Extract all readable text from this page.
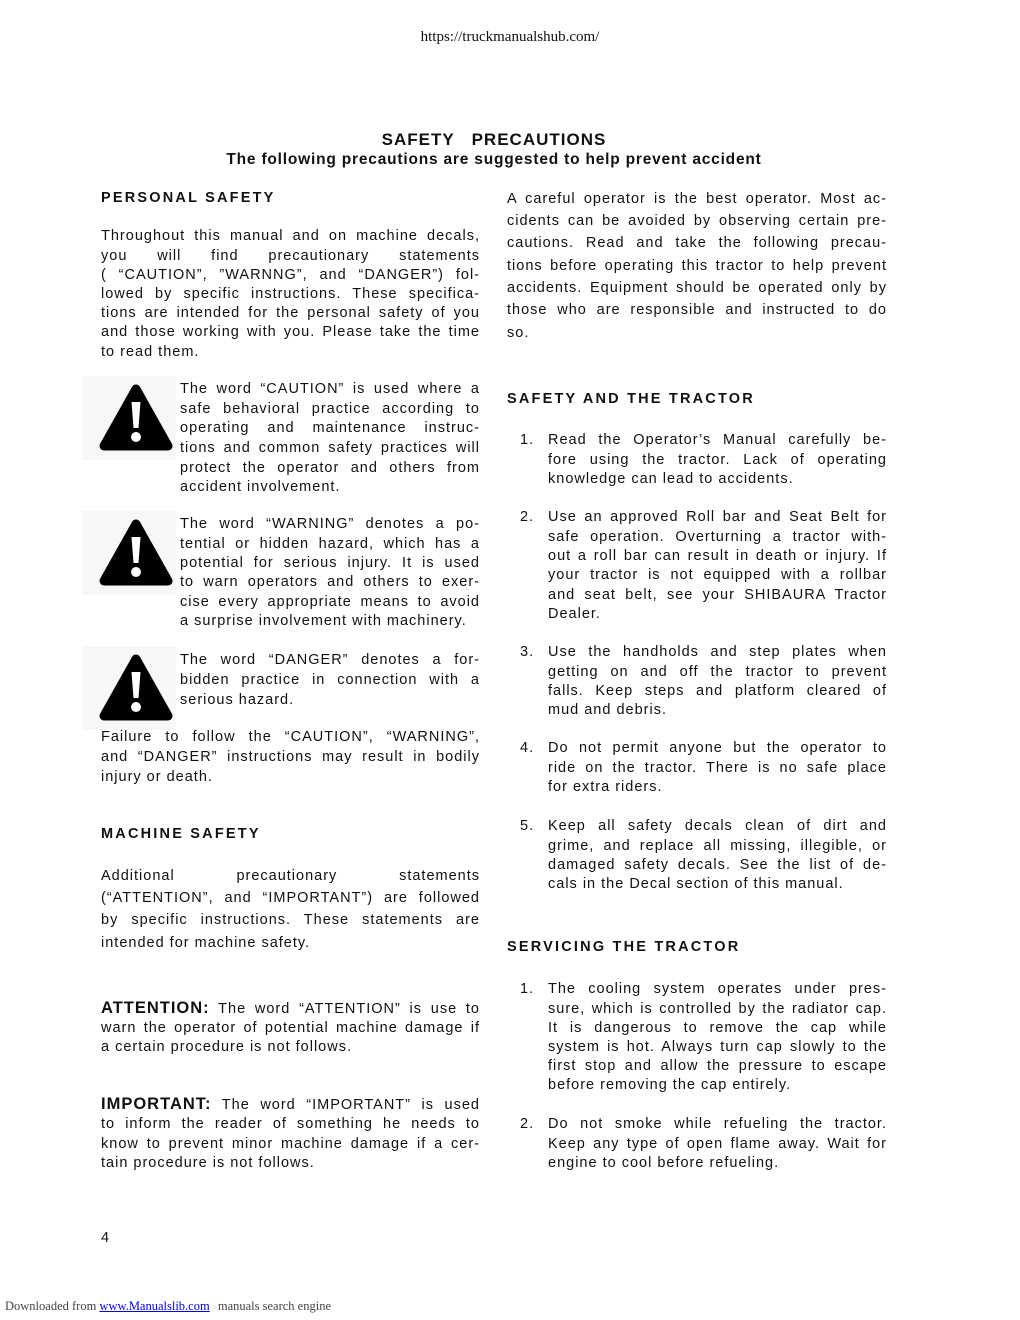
https://truckmanualshub.com/
SAFETY   PRECAUTIONS
The following precautions are suggested to help prevent accident
PERSONAL SAFETY
Throughout this manual and on machine decals,
you will find precautionary statements
( “CAUTION”, ”WARNNG”, and “DANGER”) fol-
lowed by specific instructions. These specifica-
tions are intended for the personal safety of you
and those working with you. Please take the time
to read them.
The word “CAUTION” is used where a
safe behavioral practice according to
operating and maintenance instruc-
tions and common safety practices will
protect the operator and others from
accident involvement.
The word “WARNING” denotes a po-
tential or hidden hazard, which has a
potential for serious injury. It is used
to warn operators and others to exer-
cise every appropriate means to avoid
a surprise involvement with machinery.
The word “DANGER” denotes a for-
bidden practice in connection with a
serious hazard.
Failure to follow the “CAUTION”, “WARNING”,
and “DANGER” instructions may result in bodily
injury or death.
MACHINE SAFETY
Additional precautionary statements
(“ATTENTION”, and “IMPORTANT”) are followed
by specific instructions. These statements are
intended for machine safety.
ATTENTION: The word “ATTENTION” is use to
warn the operator of potential machine damage if
a certain procedure is not follows.
IMPORTANT: The word “IMPORTANT” is used
to inform the reader of something he needs to
know to prevent minor machine damage if a cer-
tain procedure is not follows.
A careful operator is the best operator. Most ac-
cidents can be avoided by observing certain pre-
cautions. Read and take the following precau-
tions before operating this tractor to help prevent
accidents. Equipment should be operated only by
those who are responsible and instructed to do
so.
SAFETY AND THE TRACTOR
1. Read the Operator’s Manual carefully be-
fore using the tractor. Lack of operating
knowledge can lead to accidents.
2. Use an approved Roll bar and Seat Belt for
safe operation. Overturning a tractor with-
out a roll bar can result in death or injury. If
your tractor is not equipped with a rollbar
and seat belt, see your SHIBAURA Tractor
Dealer.
3. Use the handholds and step plates when
getting on and off the tractor to prevent
falls. Keep steps and platform cleared of
mud and debris.
4. Do not permit anyone but the operator to
ride on the tractor. There is no safe place
for extra riders.
5. Keep all safety decals clean of dirt and
grime, and replace all missing, illegible, or
damaged safety decals. See the list of de-
cals in the Decal section of this manual.
SERVICING THE TRACTOR
1. The cooling system operates under pres-
sure, which is controlled by the radiator cap.
It is dangerous to remove the cap while
system is hot. Always turn cap slowly to the
first stop and allow the pressure to escape
before removing the cap entirely.
2. Do not smoke while refueling the tractor.
Keep any type of open flame away. Wait for
engine to cool before refueling.
4
Downloaded from www.Manualslib.com manuals search engine
